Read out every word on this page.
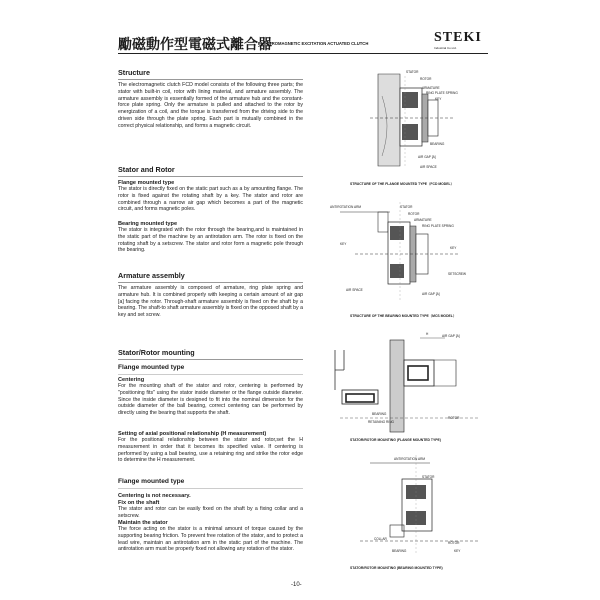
勵磁動作型電磁式離合器
ELECTROMAGNETIC EXCITATION ACTUATED CLUTCH	STEKI
Industrial Co.Ltd.
Structure
The electromagnetic clutch FCD model consists of the following three parts; the stator with built-in coil, rotor with lining material, and armature assembly. The armature assembly is essentially formed of the armature hub and the constant-force plate spring. Only the armature is pulled and attached to the rotor by energization of a coil, and the torque is transferred from the driving side to the driven side through the plate spring. Each part is mutually combined in the correct physical relationship, and forms a magnetic circuit.
Stator and Rotor
Flange mounted type
The stator is directly fixed on the static part such as a by amounting flange. The rotor is fixed against the rotating shaft by a key. The stator and rotor are combined through a narrow air gap which becomes a part of the magnetic circuit, and forms magnetic poles.
Bearing mounted type
The stator is integrated with the rotor through the bearing,and is maintained in the static part of the machine by an antirotation arm. The rotor is fixed on the rotating shaft by a setscrew. The stator and rotor form a magnetic pole through the bearing.
Armature assembly
The armature assembly is composed of armature, ring plate spring and armature hub. It is combined properly with keeping a certain amount of air gap [a] facing the rotor. Through-shaft armature assembly is fixed on the shaft by a bearing. The shaft-to shaft armature assembly is fixed on the opposed shaft by a key and set screw.
Stator/Rotor mounting
Flange mounted type
Centering
For the mounting shaft of the stator and rotor, centering is performed by "positioning fits" using the stator inside diameter or the flange outside diameter. Since the inside diameter is designed to fit into the nominal dimension for the outside diameter of the ball bearing, correct centering can be performed by directly using the bearing that supports the shaft.
Setting of axial positional relationship (H measurement)
For the positional relationship between the stator and rotor,set the H measurement in order that it becomes its specified value. If centering is performed by using a ball bearing, use a retaining ring and strike the rotor edge to determine the H measurement.
Flange mounted type
Centering is not necessary.
Fix on the shaft
The stator and rotor can be easily fixed on the shaft by a fixing collar and a setscrew.
Maintain the stator
The force acting on the stator is a minimal amount of torque caused by the supporting bearing friction. To prevent free rotation of the stator, and to protect a lead wire, maintain an antirotation arm in the static part of the machine. The antirotation arm must be properly fixed not allowing any rotation of the stator.
STATOR
ROTOR
ARMATURE
RING PLATE SPRING
KEY
BEARING
AIR GAP [A]
AIR SPACE
STRUCTURE OF THE FLANGE MOUNTED TYPE（FCD MODEL）
ANTIROTATION ARM	STATOR
ROTOR
ARMATURE
RING PLATE SPRING
KEY
KEY
SETSCREW
AIR SPACE
AIR GAP [A]
STRUCTURE OF THE BEARING MOUNTED TYPE（MCS MODEL）
H	AIR GAP [A]
BEARING
RETAINING RING
ROTOR
STATOR/ROTOR MOUNTING (FLANGE MOUNTED TYPE)
ANTIROTATION ARM
STATOR
COLLAR
BEARING
ROTOR
KEY
STATOR/ROTOR MOUNTING (BEARING MOUNTED TYPE)
-10-
